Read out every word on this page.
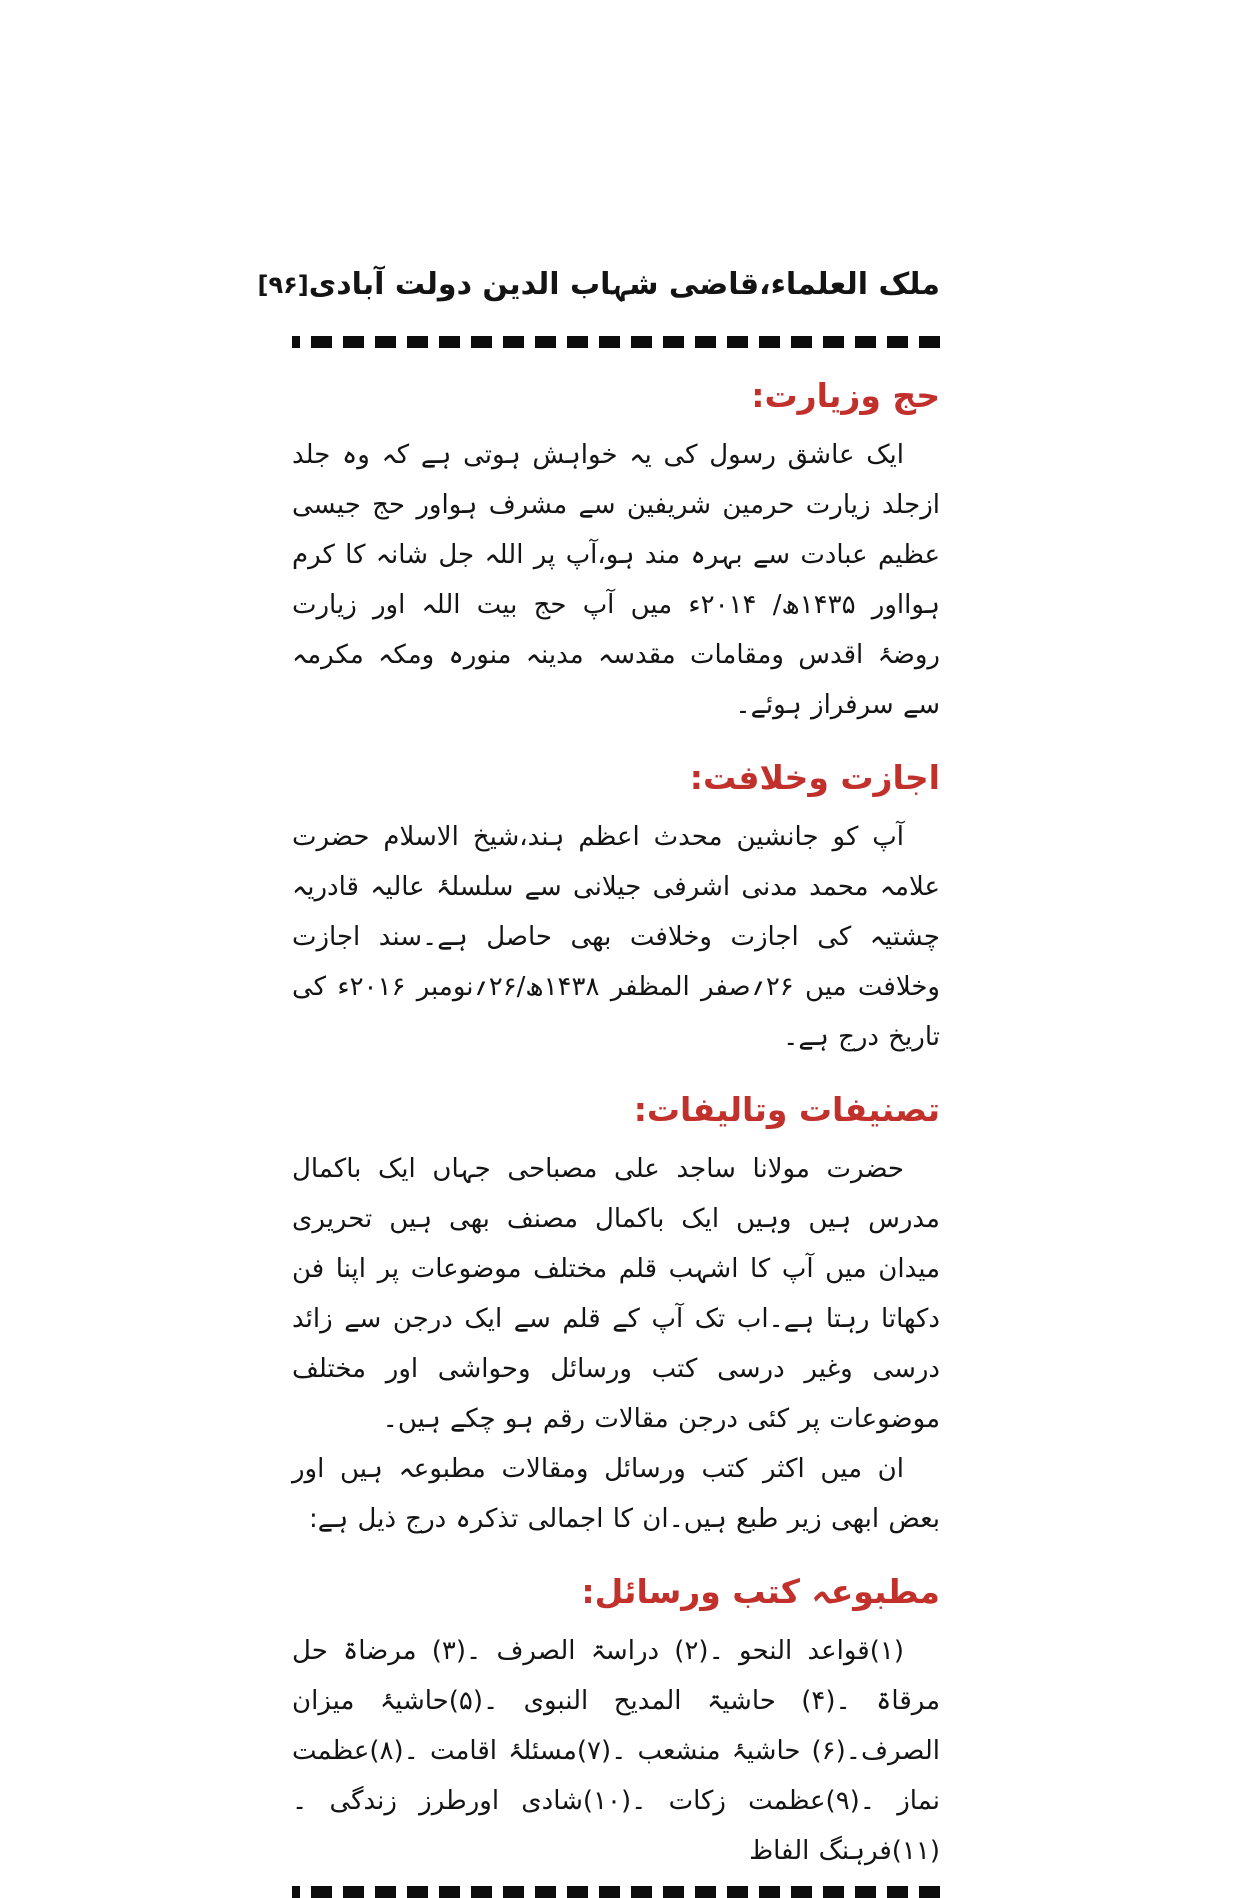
ملک العلماء،قاضی شہاب الدین دولت آبادی
[۹۶]
حج وزیارت:

ایک عاشق رسول کی یہ خواہش ہوتی ہے کہ وہ جلد ازجلد زیارت حرمین شریفین سے مشرف ہواور حج جیسی عظیم عبادت سے بہرہ مند ہو،آپ پر اللہ جل شانہ کا کرم ہوااور ۱۴۳۵ھ/ ۲۰۱۴ء میں آپ حج بیت اللہ اور زیارت روضۂ اقدس ومقامات مقدسہ مدینہ منورہ ومکہ مکرمہ سے سرفراز ہوئے۔

اجازت وخلافت:

آپ کو جانشین محدث اعظم ہند،شیخ الاسلام حضرت علامہ محمد مدنی اشرفی جیلانی سے سلسلۂ عالیہ قادریہ چشتیہ کی اجازت وخلافت بھی حاصل ہے۔سند اجازت وخلافت میں ۲۶؍صفر المظفر ۱۴۳۸ھ/۲۶؍نومبر ۲۰۱۶ء کی تاریخ درج ہے۔

تصنیفات وتالیفات:

حضرت مولانا ساجد علی مصباحی جہاں ایک باکمال مدرس ہیں وہیں ایک باکمال مصنف بھی ہیں تحریری میدان میں آپ کا اشہب قلم مختلف موضوعات پر اپنا فن دکھاتا رہتا ہے۔اب تک آپ کے قلم سے ایک درجن سے زائد درسی وغیر درسی کتب ورسائل وحواشی اور مختلف موضوعات پر کئی درجن مقالات رقم ہو چکے ہیں۔

ان میں اکثر کتب ورسائل ومقالات مطبوعہ ہیں اور بعض ابھی زیر طبع ہیں۔ان کا اجمالی تذکرہ درج ذیل ہے:

مطبوعہ کتب ورسائل:

(۱)قواعد النحو ۔(۲) دراسۃ الصرف ۔(۳) مرضاۃ حل مرقاۃ ۔(۴) حاشیۃ المدیح النبوی ۔(۵)حاشیۂ میزان الصرف۔(۶) حاشیۂ منشعب ۔(۷)مسئلۂ اقامت ۔(۸)عظمت نماز ۔(۹)عظمت زکات ۔(۱۰)شادی اورطرز زندگی ۔(۱۱)فرہنگ الفاظ
